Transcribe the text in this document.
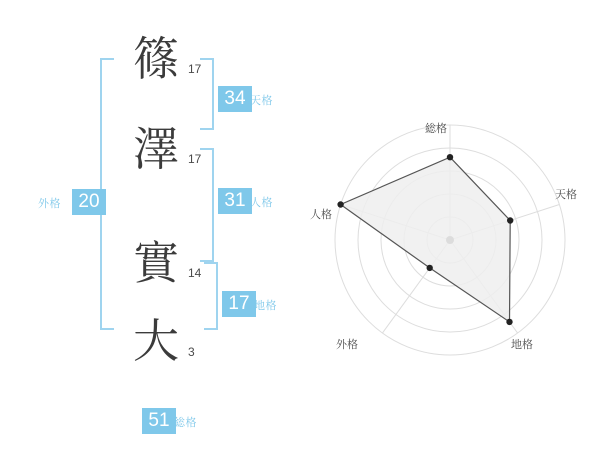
篠 17
澤 17
實 14
大 3
34 天格
31 人格
17 地格
20
外格
51 総格
総格
天格
地格
外格
人格
